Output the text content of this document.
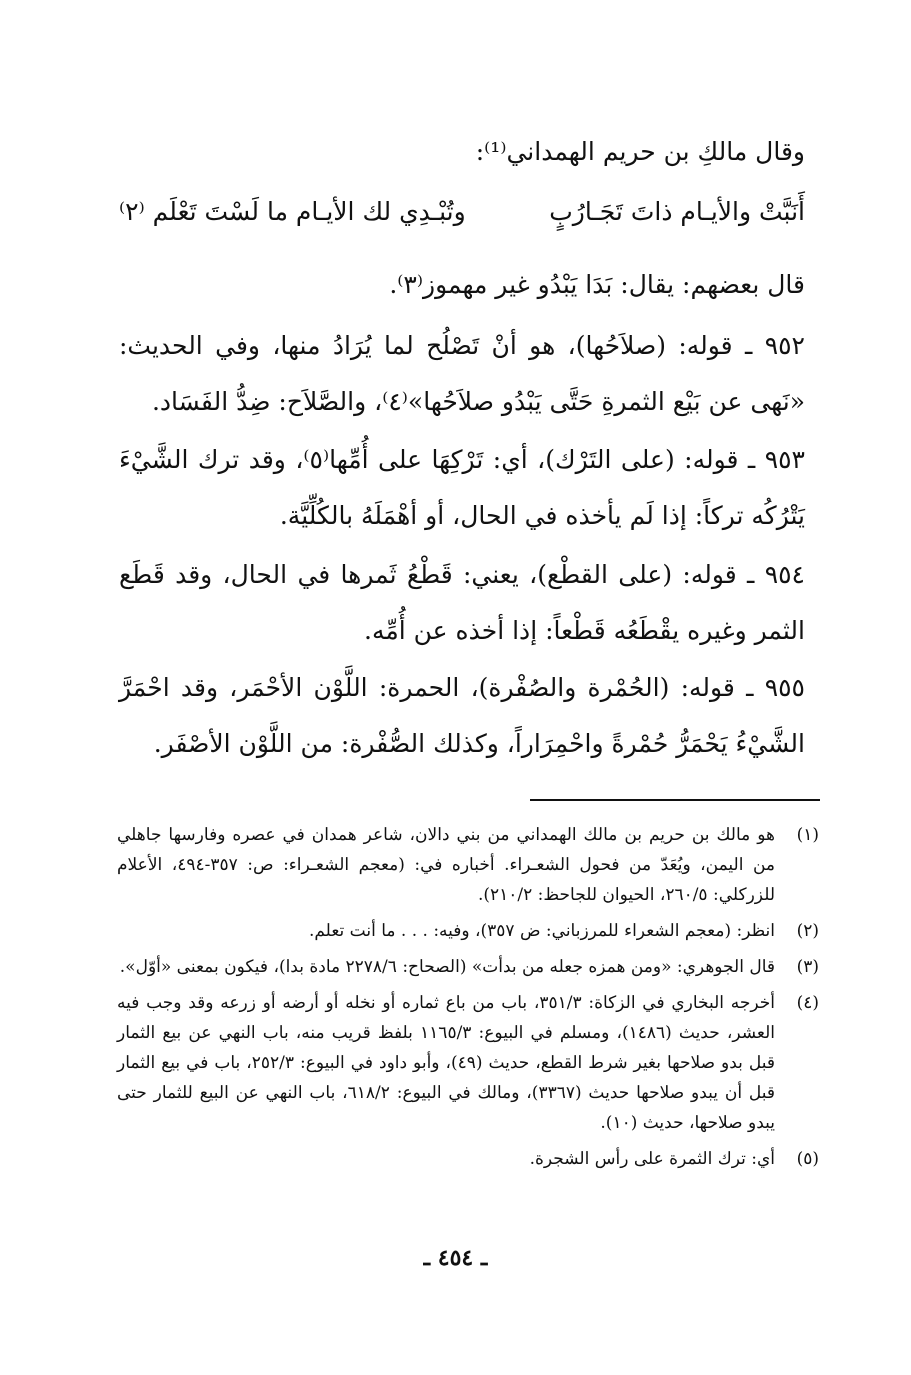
وقال مالكِ بن حريم الهمداني⁽¹⁾:

أَنَبَّتْ والأيـام ذاتَ تَجَـارُبٍ
وتُبْـدِي لك الأيـام ما لَسْتَ تَعْلَم ⁽٢⁾

قال بعضهم: يقال: بَدَا يَبْدُو غير مهموز⁽٣⁾.

٩٥٢ ـ قوله: (صلاَحُها)، هو أنْ تَصْلُح لما يُرَادُ منها، وفي الحديث: «نَهى عن بَيْع الثمرةِ حَتَّى يَبْدُو صلاَحُها»⁽٤⁾، والصَّلاَح: ضِدُّ الفَسَاد.

٩٥٣ ـ قوله: (على التَرْك)، أي: تَرْكِهَا على أُمِّها⁽٥⁾، وقد ترك الشَّيْءَ يَتْرُكُه تركاً: إذا لَم يأخذه في الحال، أو أهْمَلَهُ بالكُلِّيَّة.

٩٥٤ ـ قوله: (على القطْع)، يعني: قَطْعُ ثَمرها في الحال، وقد قَطَع الثمر وغيره يقْطَعُه قَطْعاً: إذا أخذه عن أُمِّه.

٩٥٥ ـ قوله: (الحُمْرة والصُفْرة)، الحمرة: اللَّوْن الأحْمَر، وقد احْمَرَّ الشَّيْءُ يَحْمَرُّ حُمْرةً واحْمِرَاراً، وكذلك الصُّفْرة: من اللَّوْن الأصْفَر.

(١)
هو مالك بن حريم بن مالك الهمداني من بني دالان، شاعر همدان في عصره وفارسها جاهلي من اليمن، ويُعَدّ من فحول الشعـراء. أخباره في: (معجم الشعـراء: ص: ٣٥٧-٤٩٤، الأعلام للزركلي: ٢٦٠/٥، الحيوان للجاحظ: ٢١٠/٢).
(٢)
انظر: (معجم الشعراء للمرزباني: ض ٣٥٧)، وفيه: . . . ما أنت تعلم.
(٣)
قال الجوهري: «ومن همزه جعله من بدأت» (الصحاح: ٢٢٧٨/٦ مادة بدا)، فيكون بمعنى «أوّل».
(٤)
أخرجه البخاري في الزكاة: ٣٥١/٣، باب من باع ثماره أو نخله أو أرضه أو زرعه وقد وجب فيه العشر، حديث (١٤٨٦)، ومسلم في البيوع: ١١٦٥/٣ بلفظ قريب منه، باب النهي عن بيع الثمار قبل بدو صلاحها بغير شرط القطع، حديث (٤٩)، وأبو داود في البيوع: ٢٥٢/٣، باب في بيع الثمار قبل أن يبدو صلاحها حديث (٣٣٦٧)، ومالك في البيوع: ٦١٨/٢، باب النهي عن البيع للثمار حتى يبدو صلاحها، حديث (١٠).
(٥)
أي: ترك الثمرة على رأس الشجرة.
ـ ٤٥٤ ـ
